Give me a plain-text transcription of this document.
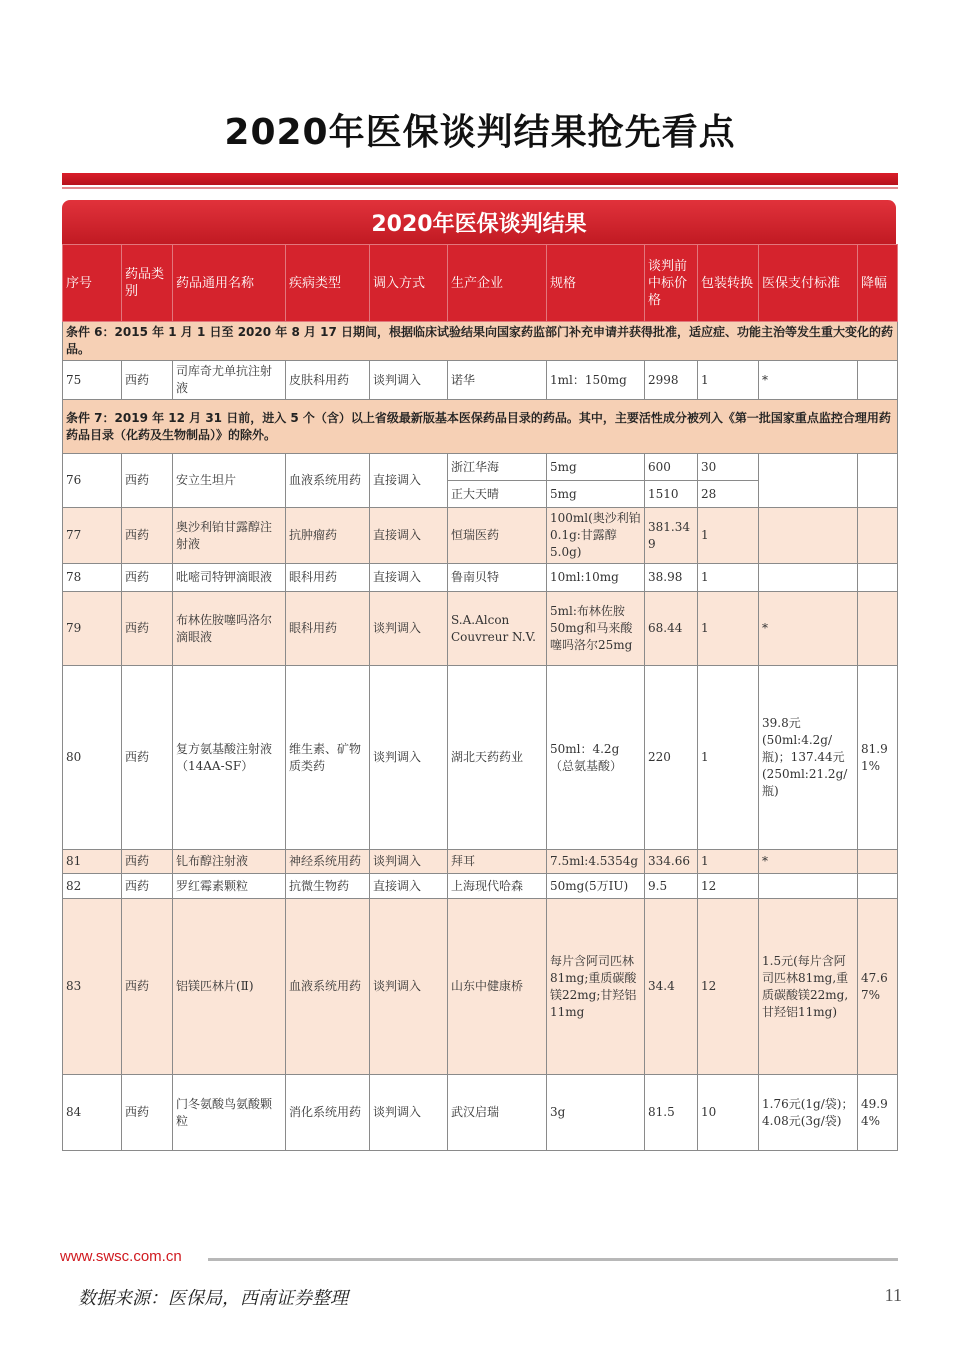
2020年医保谈判结果抢先看点
2020年医保谈判结果
序号	药品类别	药品通用名称	疾病类型	调入方式	生产企业	规格	谈判前中标价格	包装转换	医保支付标准	降幅
条件 6：2015 年 1 月 1 日至 2020 年 8 月 17 日期间，根据临床试验结果向国家药监部门补充申请并获得批准，适应症、功能主治等发生重大变化的药品。										
75	西药	司库奇尤单抗注射液	皮肤科用药	谈判调入	诺华	1ml：150mg	2998	1	*	
条件 7：2019 年 12 月 31 日前，进入 5 个（含）以上省级最新版基本医保药品目录的药品。其中，主要活性成分被列入《第一批国家重点监控合理用药药品目录（化药及生物制品）》的除外。										
76	西药	安立生坦片	血液系统用药	直接调入	浙江华海	5mg	600	30		
					正大天晴	5mg	1510	28		
77	西药	奥沙利铂甘露醇注射液	抗肿瘤药	直接调入	恒瑞医药	100ml(奥沙利铂0.1g:甘露醇5.0g)	381.349	1		
78	西药	吡嘧司特钾滴眼液	眼科用药	直接调入	鲁南贝特	10ml:10mg	38.98	1		
79	西药	布林佐胺噻吗洛尔滴眼液	眼科用药	谈判调入	S.A.Alcon Couvreur N.V.	5ml:布林佐胺50mg和马来酸噻吗洛尔25mg	68.44	1	*	
80	西药	复方氨基酸注射液（14AA-SF）	维生素、矿物质类药	谈判调入	湖北天药药业	50ml：4.2g（总氨基酸）	220	1	39.8元(50ml:4.2g/瓶)；137.44元(250ml:21.2g/瓶)	81.91%
81	西药	钆布醇注射液	神经系统用药	谈判调入	拜耳	7.5ml:4.5354g	334.66	1	*	
82	西药	罗红霉素颗粒	抗微生物药	直接调入	上海现代哈森	50mg(5万IU)	9.5	12		
83	西药	铝镁匹林片(Ⅱ)	血液系统用药	谈判调入	山东中健康桥	每片含阿司匹林81mg;重质碳酸镁22mg;甘羟铝11mg	34.4	12	1.5元(每片含阿司匹林81mg,重质碳酸镁22mg,甘羟铝11mg)	47.67%
84	西药	门冬氨酸鸟氨酸颗粒	消化系统用药	谈判调入	武汉启瑞	3g	81.5	10	1.76元(1g/袋)；4.08元(3g/袋)	49.94%
www.swsc.com.cn
数据来源：医保局，西南证券整理	11
